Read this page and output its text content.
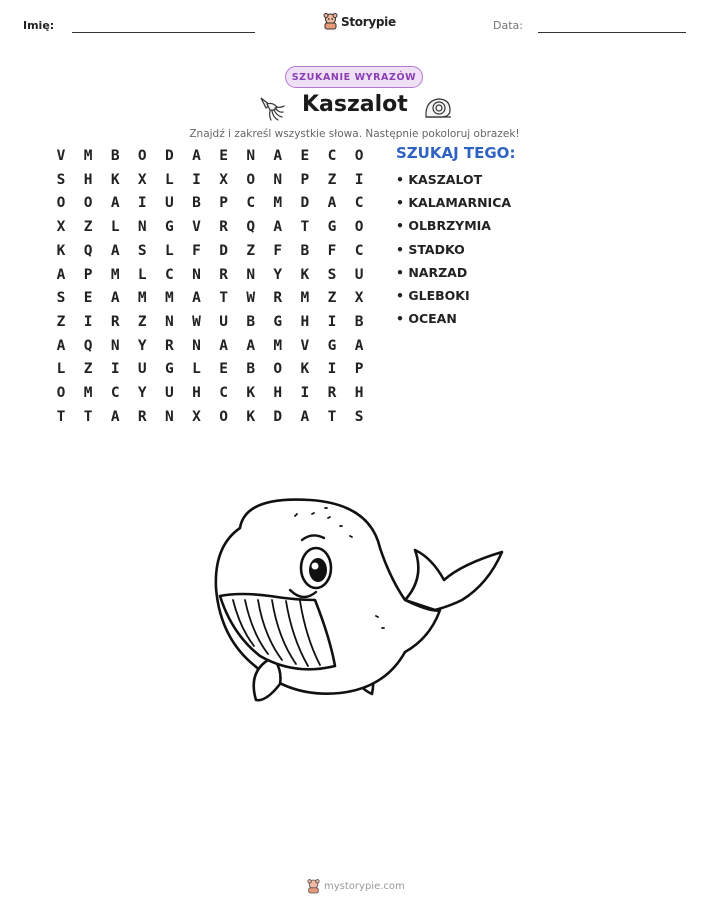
Imię:	Storypie	Data:
SZUKANIE WYRAZÓW
Kaszalot
Znajdź i zakreśl wszystkie słowa. Następnie pokoloruj obrazek!
V	M	B	O	D	A	E	N	A	E	C	O
S	H	K	X	L	I	X	O	N	P	Z	I
O	O	A	I	U	B	P	C	M	D	A	C
X	Z	L	N	G	V	R	Q	A	T	G	O
K	Q	A	S	L	F	D	Z	F	B	F	C
A	P	M	L	C	N	R	N	Y	K	S	U
S	E	A	M	M	A	T	W	R	M	Z	X
Z	I	R	Z	N	W	U	B	G	H	I	B
A	Q	N	Y	R	N	A	A	M	V	G	A
L	Z	I	U	G	L	E	B	O	K	I	P
O	M	C	Y	U	H	C	K	H	I	R	H
T	T	A	R	N	X	O	K	D	A	T	S
SZUKAJ TEGO:
• KASZALOT
• KALAMARNICA
• OLBRZYMIA
• STADKO
• NARZAD
• GLEBOKI
• OCEAN
mystorypie.com
